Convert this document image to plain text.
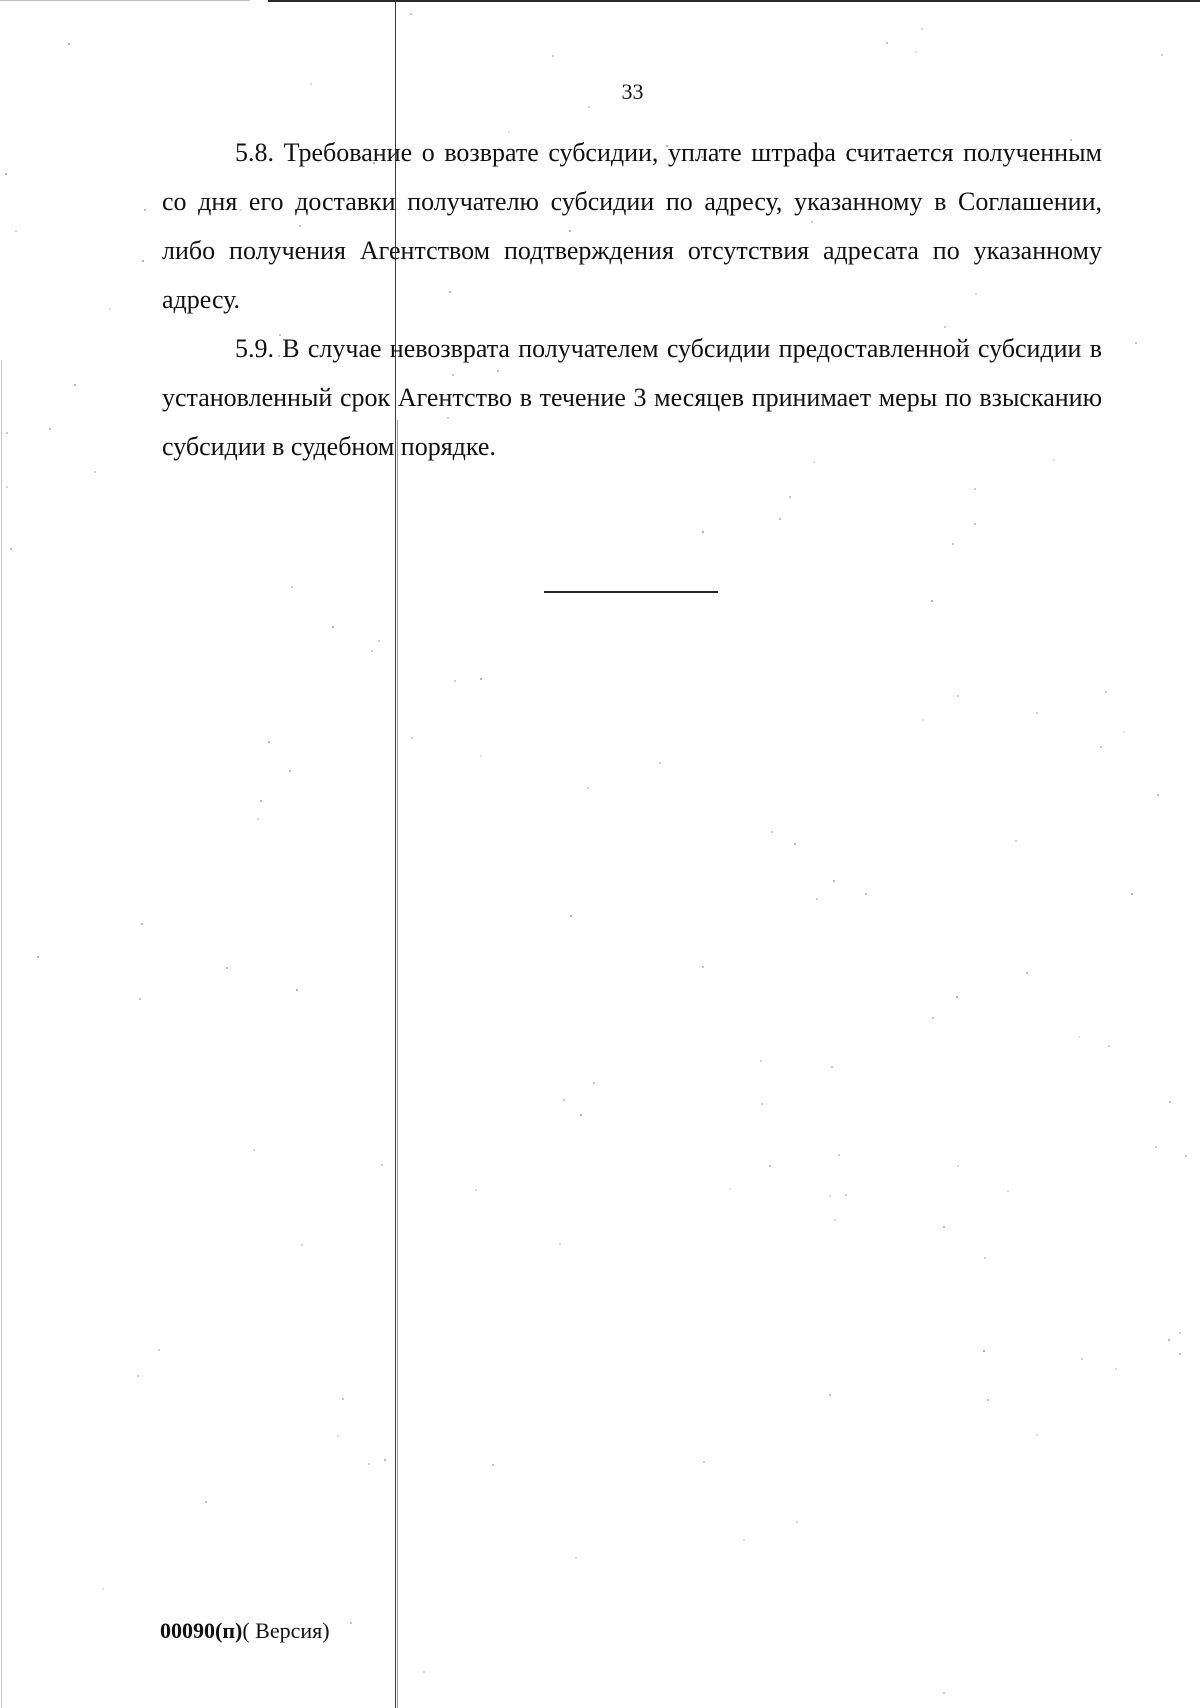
33

5.8. Требование о возврате субсидии, уплате штрафа считается полученным со дня его доставки получателю субсидии по адресу, указанному в Соглашении, либо получения Агентством подтверждения отсутствия адресата по указанному адресу.

5.9. В случае невозврата получателем субсидии предоставленной субсидии в установленный срок Агентство в течение 3 месяцев принимает меры по взысканию субсидии в судебном порядке.

00090(п)( Версия)
